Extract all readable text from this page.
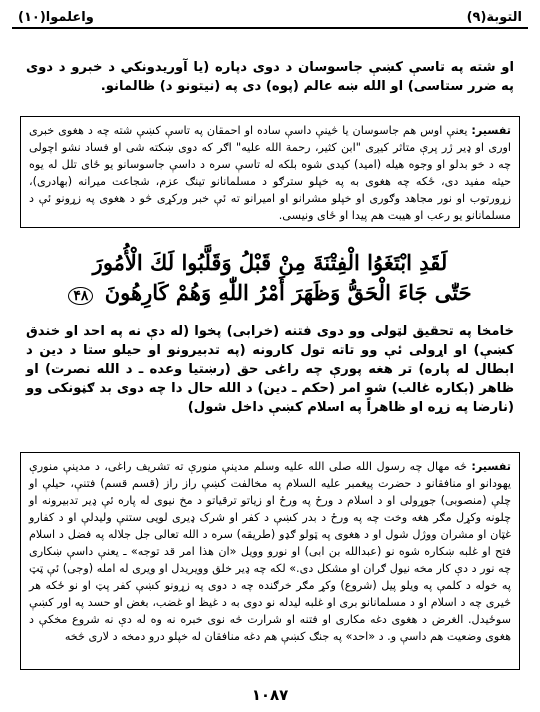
التوبة(۹)
واعلموا(۱۰)
او شته په تاسې کښې جاسوسان د دوی دپاره (يا آوريدونکي د خبرو د دوی په ضرر ستاسی) او الله ښه عالم (پوه) دی په (نيتونو د) ظالمانو.
تفسير: يعنې اوس هم جاسوسان يا څينې داسې ساده او احمقان په تاسې کښې شته چه د هغوی خبری اوری او ډير ژر پرې متاثر کيږی "ابن کثير، رحمة الله عليه" اګر که دوی ښکته شی او فساد نشو اچولی چه د خو بدلو او وجوه هيله (اميد) کيدی شوه بلکه له تاسې سره د داسې جاسوسانو يو ځای تلل له يوه حيثه مفيد دی، ځکه چه هغوی به په خپلو سترګو د مسلمانانو تينګ عزم، شجاعت ميرانه (بهادری)، زړورتوب او نور مجاهد وګوری او خپلو مشرانو او اميرانو ته ئې خبر ورکړی څو د هغوی په زړونو ئې د مسلمانانو يو رعب او هيبت هم پيدا او ځای ونيسی.
لَقَدِ ابْتَغَوُا الْفِتْنَةَ مِنْ قَبْلُ وَقَلَّبُوا لَكَ الْأُمُورَ
حَتّٰى جَاءَ الْحَقُّ وَظَهَرَ أَمْرُ اللّٰهِ وَهُمْ كَارِهُونَ ۴۸
خامخا په تحقيق لټولی وو دوی فتنه (خرابی) پخوا (له دې نه په احد او خندق کښې) او اړولی ئې وو تاته تول کارونه (په تدبيرونو او حيلو ستا د دين د ابطال له پاره) تر هغه پورې چه راغی حق (رښتيا وعده ـ د الله نصرت) او ظاهر (بکاره غالب) شو امر (حکم ـ دين) د الله حال دا چه دوی بد ګڼونکی وو (نارضا په زړه او ظاهراً په اسلام کښې داخل شول)
تفسير: څه مهال چه رسول الله صلی الله عليه وسلم مدينې منورې ته تشريف راغی، د مدينې منورې يهودانو او منافقانو د حضرت پيغمبر عليه السلام په مخالفت کښې راز راز (قسم قسم) فتنې، حيلې او چلې (منصوبی) جوړولی او د اسلام د ورځ په ورځ او زياتو ترقياتو د مخ نيوی له پاره ئې ډير تدبيرونه او چلونه وکړل مګر هغه وخت چه په ورځ د بدر کښې د کفر او شرک ډيری لويی ستنې وليدلې او د کفارو غټان او مشران ووژل شول او د هغوی په ټولو ګډو (طريقه) سره د الله تعالی جل جلاله په فضل د اسلام فتح او غلبه ښکاره شوه نو (عبدالله بن ابی) او نورو وويل «ان هذا امر قد توجه» ـ يعنې داسې ښکاری چه نور د دې کار مخه نيول ګران او مشکل دی.» لکه چه ډير خلق وويريدل او ويری له امله (وجی) ئې ټټ په خوله د کلمې په ويلو پيل (شروع) وکړ مګر خرګنده چه د دوی په زړونو کښې کفر پټ او نو ځکه هر څيری چه د اسلام او د مسلمانانو بری او غلبه ليدله نو دوی به د غيظ او غضب، بغض او حسد په اور کښې سوځيدل. الغرض د هغوی دغه مکاری او فتنه او شرارت څه نوی خبره نه وه له دې نه شروع مخکې د هغوی وضعيت هم داسې و. د «احد» په جنګ کښې هم دغه منافقان له خپلو درو دمخه د لاری څخه
۱۰۸۷
